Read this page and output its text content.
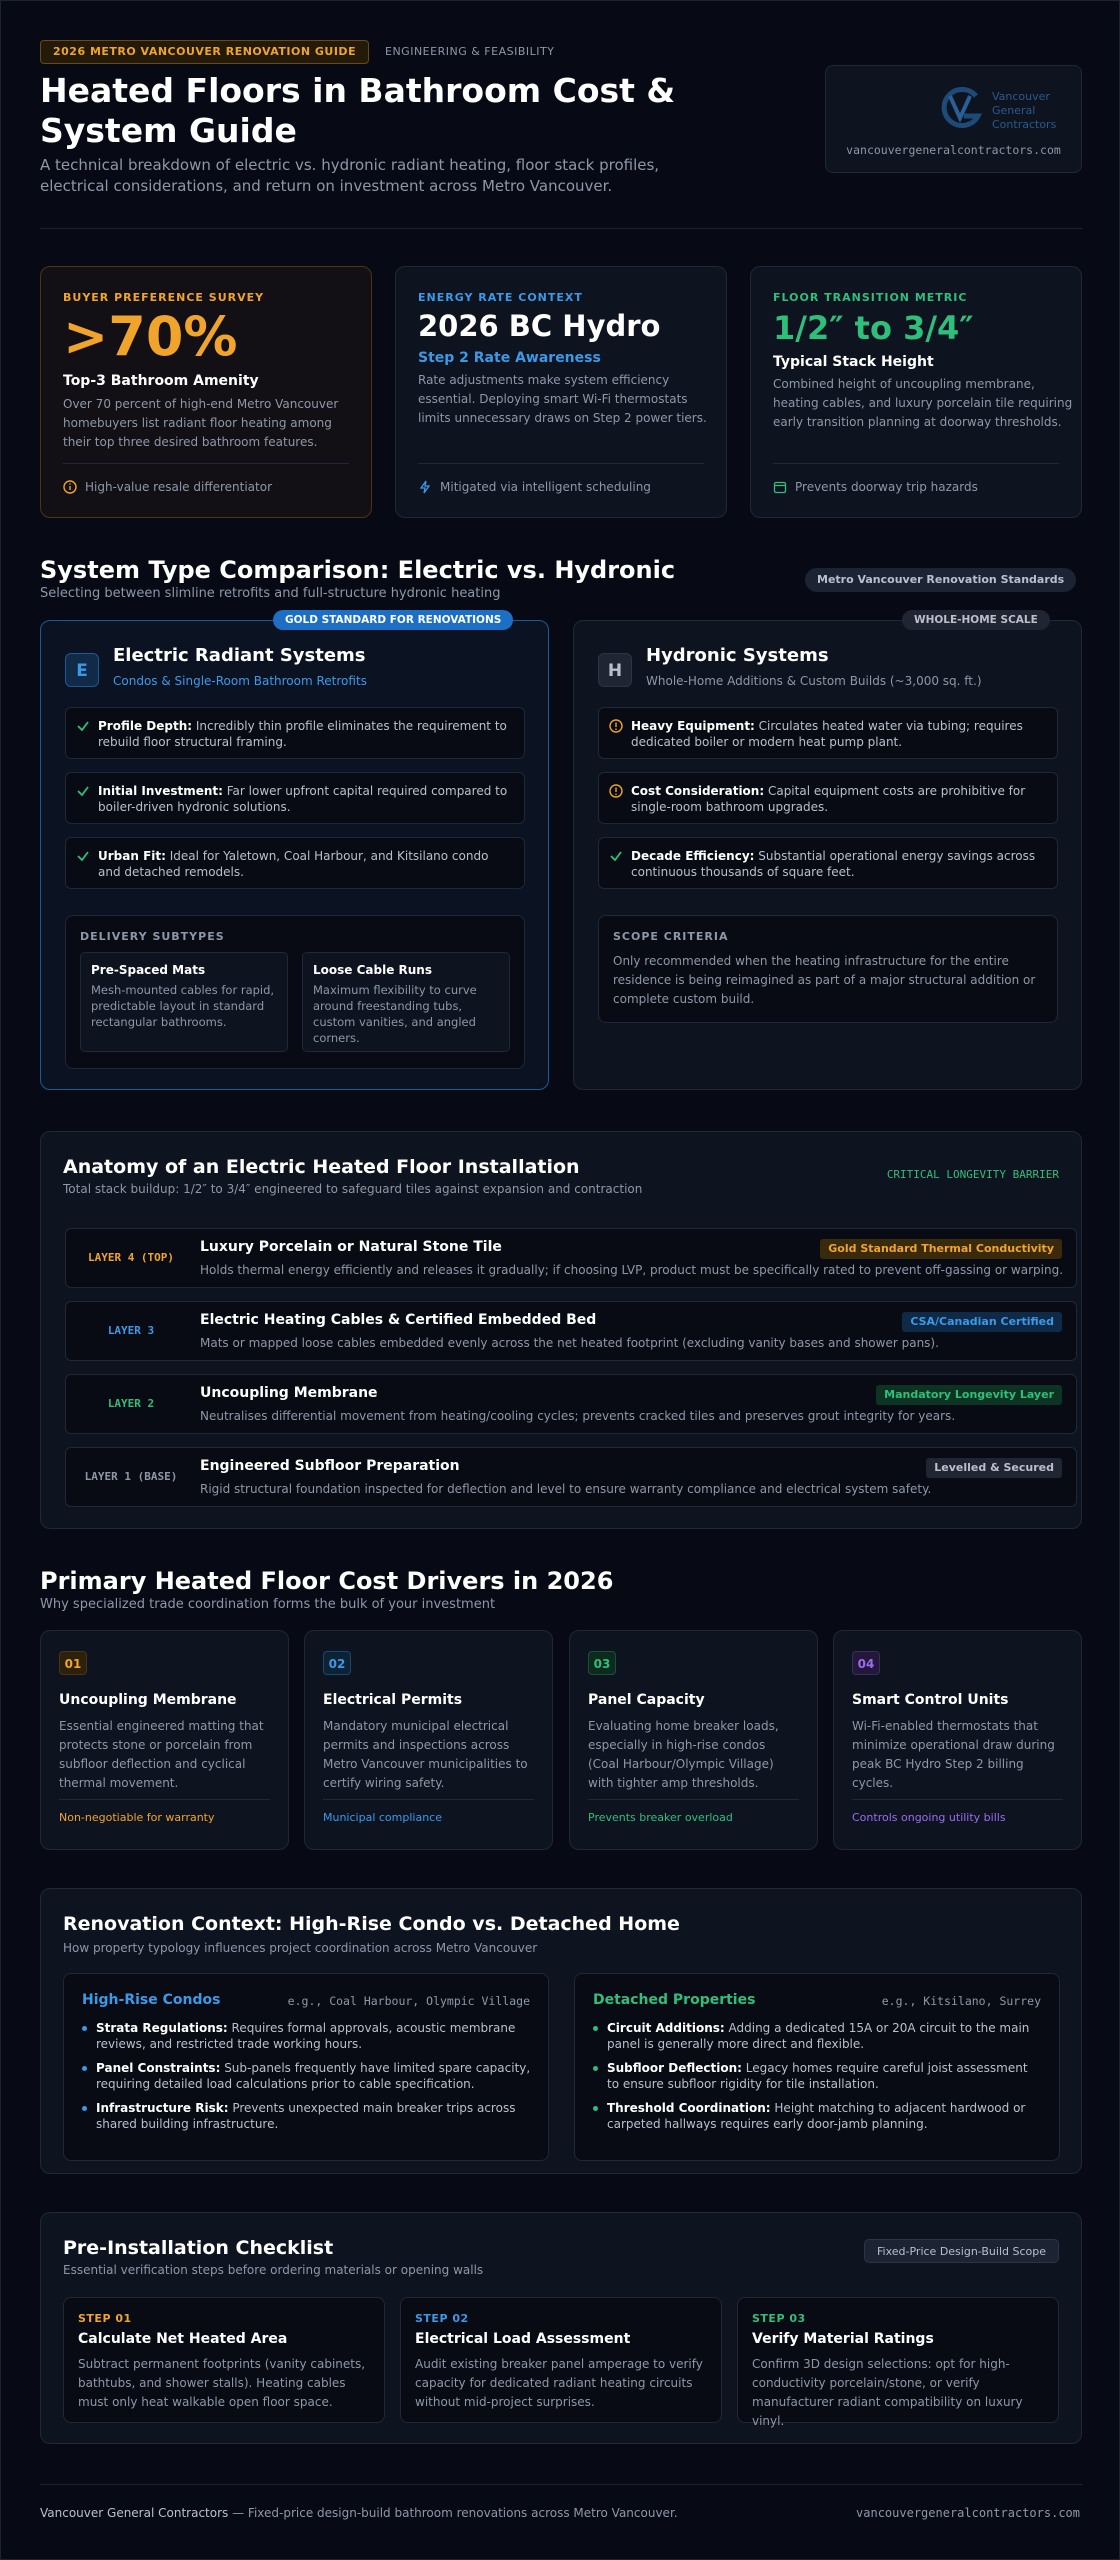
2026 METRO VANCOUVER RENOVATION GUIDE	ENGINEERING & FEASIBILITY
Heated Floors in Bathroom Cost & System Guide
A technical breakdown of electric vs. hydronic radiant heating, floor stack profiles, electrical considerations, and return on investment across Metro Vancouver.
Vancouver
General
Contractors
vancouvergeneralcontractors.com
BUYER PREFERENCE SURVEY
>70%
Top-3 Bathroom Amenity
Over 70 percent of high-end Metro Vancouver homebuyers list radiant floor heating among their top three desired bathroom features.
High-value resale differentiator
ENERGY RATE CONTEXT
2026 BC Hydro
Step 2 Rate Awareness
Rate adjustments make system efficiency essential. Deploying smart Wi-Fi thermostats limits unnecessary draws on Step 2 power tiers.
Mitigated via intelligent scheduling
FLOOR TRANSITION METRIC
1/2″ to 3/4″
Typical Stack Height
Combined height of uncoupling membrane, heating cables, and luxury porcelain tile requiring early transition planning at doorway thresholds.
Prevents doorway trip hazards
System Type Comparison: Electric vs. Hydronic
Selecting between slimline retrofits and full-structure hydronic heating
Metro Vancouver Renovation Standards
GOLD STANDARD FOR RENOVATIONS
E
Electric Radiant Systems
Condos & Single-Room Bathroom Retrofits
Profile Depth: Incredibly thin profile eliminates the requirement to rebuild floor structural framing.
Initial Investment: Far lower upfront capital required compared to boiler-driven hydronic solutions.
Urban Fit: Ideal for Yaletown, Coal Harbour, and Kitsilano condo and detached remodels.
DELIVERY SUBTYPES
Pre-Spaced Mats
Mesh-mounted cables for rapid, predictable layout in standard rectangular bathrooms.
Loose Cable Runs
Maximum flexibility to curve around freestanding tubs, custom vanities, and angled corners.
WHOLE-HOME SCALE
H
Hydronic Systems
Whole-Home Additions & Custom Builds (~3,000 sq. ft.)
Heavy Equipment: Circulates heated water via tubing; requires dedicated boiler or modern heat pump plant.
Cost Consideration: Capital equipment costs are prohibitive for single-room bathroom upgrades.
Decade Efficiency: Substantial operational energy savings across continuous thousands of square feet.
SCOPE CRITERIA
Only recommended when the heating infrastructure for the entire residence is being reimagined as part of a major structural addition or complete custom build.
Anatomy of an Electric Heated Floor Installation
Total stack buildup: 1/2″ to 3/4″ engineered to safeguard tiles against expansion and contraction
CRITICAL LONGEVITY BARRIER
LAYER 4 (TOP)
Luxury Porcelain or Natural Stone Tile
Holds thermal energy efficiently and releases it gradually; if choosing LVP, product must be specifically rated to prevent off-gassing or warping.
Gold Standard Thermal Conductivity
LAYER 3
Electric Heating Cables & Certified Embedded Bed
Mats or mapped loose cables embedded evenly across the net heated footprint (excluding vanity bases and shower pans).
CSA/Canadian Certified
LAYER 2
Uncoupling Membrane
Neutralises differential movement from heating/cooling cycles; prevents cracked tiles and preserves grout integrity for years.
Mandatory Longevity Layer
LAYER 1 (BASE)
Engineered Subfloor Preparation
Rigid structural foundation inspected for deflection and level to ensure warranty compliance and electrical system safety.
Levelled & Secured
Primary Heated Floor Cost Drivers in 2026
Why specialized trade coordination forms the bulk of your investment
01
Uncoupling Membrane
Essential engineered matting that protects stone or porcelain from subfloor deflection and cyclical thermal movement.
Non-negotiable for warranty
02
Electrical Permits
Mandatory municipal electrical permits and inspections across Metro Vancouver municipalities to certify wiring safety.
Municipal compliance
03
Panel Capacity
Evaluating home breaker loads, especially in high-rise condos (Coal Harbour/Olympic Village) with tighter amp thresholds.
Prevents breaker overload
04
Smart Control Units
Wi-Fi-enabled thermostats that minimize operational draw during peak BC Hydro Step 2 billing cycles.
Controls ongoing utility bills
Renovation Context: High-Rise Condo vs. Detached Home
How property typology influences project coordination across Metro Vancouver
High-Rise Condos	e.g., Coal Harbour, Olympic Village
Strata Regulations: Requires formal approvals, acoustic membrane reviews, and restricted trade working hours.
Panel Constraints: Sub-panels frequently have limited spare capacity, requiring detailed load calculations prior to cable specification.
Infrastructure Risk: Prevents unexpected main breaker trips across shared building infrastructure.
Detached Properties	e.g., Kitsilano, Surrey
Circuit Additions: Adding a dedicated 15A or 20A circuit to the main panel is generally more direct and flexible.
Subfloor Deflection: Legacy homes require careful joist assessment to ensure subfloor rigidity for tile installation.
Threshold Coordination: Height matching to adjacent hardwood or carpeted hallways requires early door-jamb planning.
Pre-Installation Checklist
Essential verification steps before ordering materials or opening walls
Fixed-Price Design-Build Scope
STEP 01
Calculate Net Heated Area
Subtract permanent footprints (vanity cabinets, bathtubs, and shower stalls). Heating cables must only heat walkable open floor space.
STEP 02
Electrical Load Assessment
Audit existing breaker panel amperage to verify capacity for dedicated radiant heating circuits without mid-project surprises.
STEP 03
Verify Material Ratings
Confirm 3D design selections: opt for high-conductivity porcelain/stone, or verify manufacturer radiant compatibility on luxury vinyl.
Vancouver General Contractors — Fixed-price design-build bathroom renovations across Metro Vancouver.	vancouvergeneralcontractors.com
